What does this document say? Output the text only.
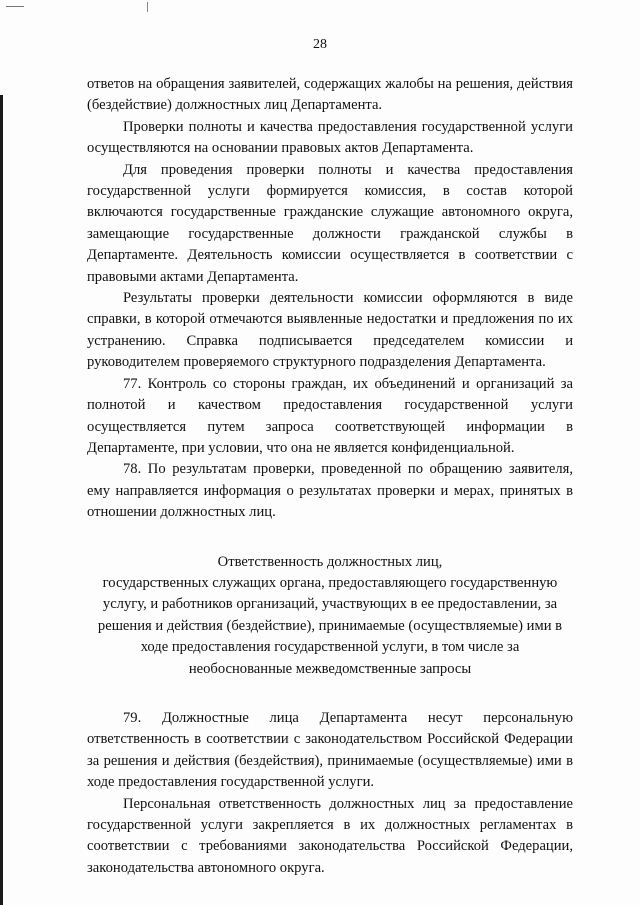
28

ответов на обращения заявителей, содержащих жалобы на решения, действия (бездействие) должностных лиц Департамента.

Проверки полноты и качества предоставления государственной услуги осуществляются на основании правовых актов Департамента.

Для проведения проверки полноты и качества предоставления государственной услуги формируется комиссия, в состав которой включаются государственные гражданские служащие автономного округа, замещающие государственные должности гражданской службы в Департаменте. Деятельность комиссии осуществляется в соответствии с правовыми актами Департамента.

Результаты проверки деятельности комиссии оформляются в виде справки, в которой отмечаются выявленные недостатки и предложения по их устранению. Справка подписывается председателем комиссии и руководителем проверяемого структурного подразделения Департамента.

77. Контроль со стороны граждан, их объединений и организаций за полнотой и качеством предоставления государственной услуги осуществляется путем запроса соответствующей информации в Департаменте, при условии, что она не является конфиденциальной.

78. По результатам проверки, проведенной по обращению заявителя, ему направляется информация о результатах проверки и мерах, принятых в отношении должностных лиц.

Ответственность должностных лиц,
государственных служащих органа, предоставляющего государственную
услугу, и работников организаций, участвующих в ее предоставлении, за
решения и действия (бездействие), принимаемые (осуществляемые) ими в
ходе предоставления государственной услуги, в том числе за
необоснованные межведомственные запросы

79. Должностные лица Департамента несут персональную ответственность в соответствии с законодательством Российской Федерации за решения и действия (бездействия), принимаемые (осуществляемые) ими в ходе предоставления государственной услуги.

Персональная ответственность должностных лиц за предоставление государственной услуги закрепляется в их должностных регламентах в соответствии с требованиями законодательства Российской Федерации, законодательства автономного округа.
